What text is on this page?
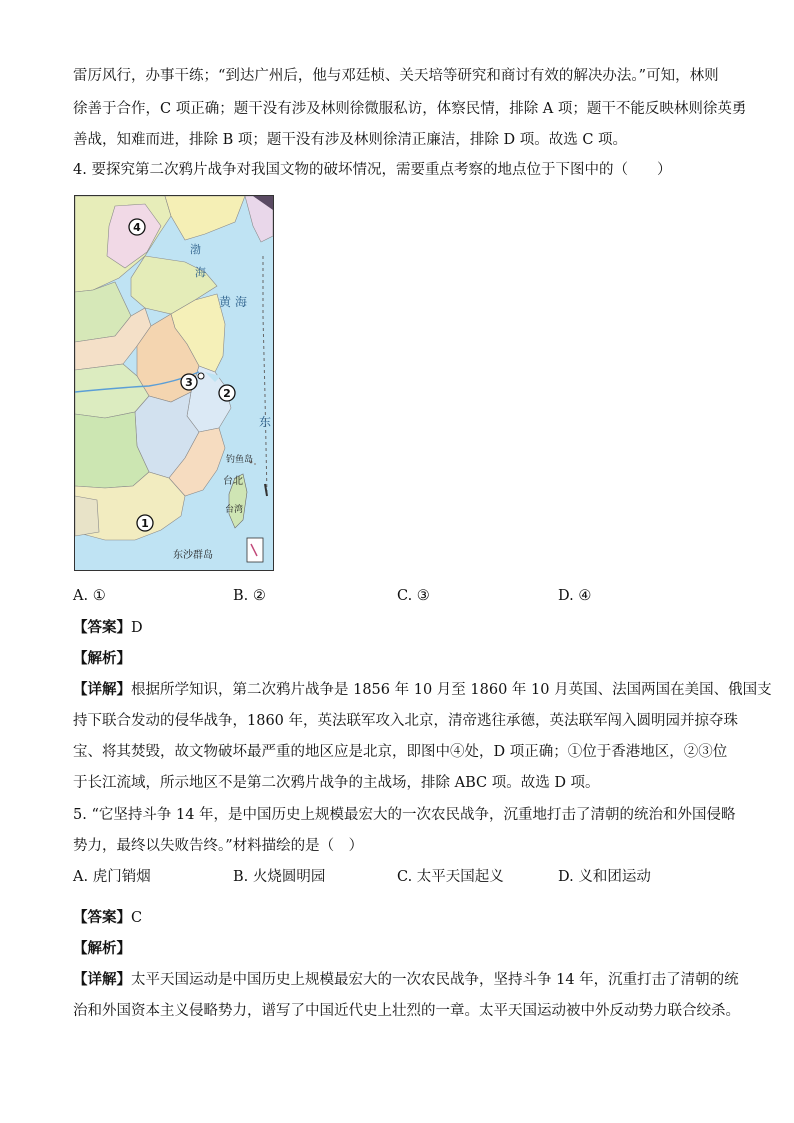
雷厉风行，办事干练；“到达广州后，他与邓廷桢、关天培等研究和商讨有效的解决办法。”可知，林则
徐善于合作，C 项正确；题干没有涉及林则徐微服私访，体察民情，排除 A 项；题干不能反映林则徐英勇
善战，知难而进，排除 B 项；题干没有涉及林则徐清正廉洁，排除 D 项。故选 C 项。
4. 要探究第二次鸦片战争对我国文物的破坏情况，需要重点考察的地点位于下图中的（　　）
渤
海
黄 海
东
钓鱼岛
台北
台湾
东沙群岛
4
3
2
1
A. ①	B. ②	C. ③	D. ④
【答案】D
【解析】
【详解】根据所学知识，第二次鸦片战争是 1856 年 10 月至 1860 年 10 月英国、法国两国在美国、俄国支
持下联合发动的侵华战争，1860 年，英法联军攻入北京，清帝逃往承德，英法联军闯入圆明园并掠夺珠
宝、将其焚毁，故文物破坏最严重的地区应是北京，即图中④处，D 项正确；①位于香港地区，②③位
于长江流域，所示地区不是第二次鸦片战争的主战场，排除 ABC 项。故选 D 项。
5. “它坚持斗争 14 年，是中国历史上规模最宏大的一次农民战争，沉重地打击了清朝的统治和外国侵略
势力，最终以失败告终。”材料描绘的是（　）
A. 虎门销烟	B. 火烧圆明园	C. 太平天国起义	D. 义和团运动
【答案】C
【解析】
【详解】太平天国运动是中国历史上规模最宏大的一次农民战争，坚持斗争 14 年，沉重打击了清朝的统
治和外国资本主义侵略势力，谱写了中国近代史上壮烈的一章。太平天国运动被中外反动势力联合绞杀。
